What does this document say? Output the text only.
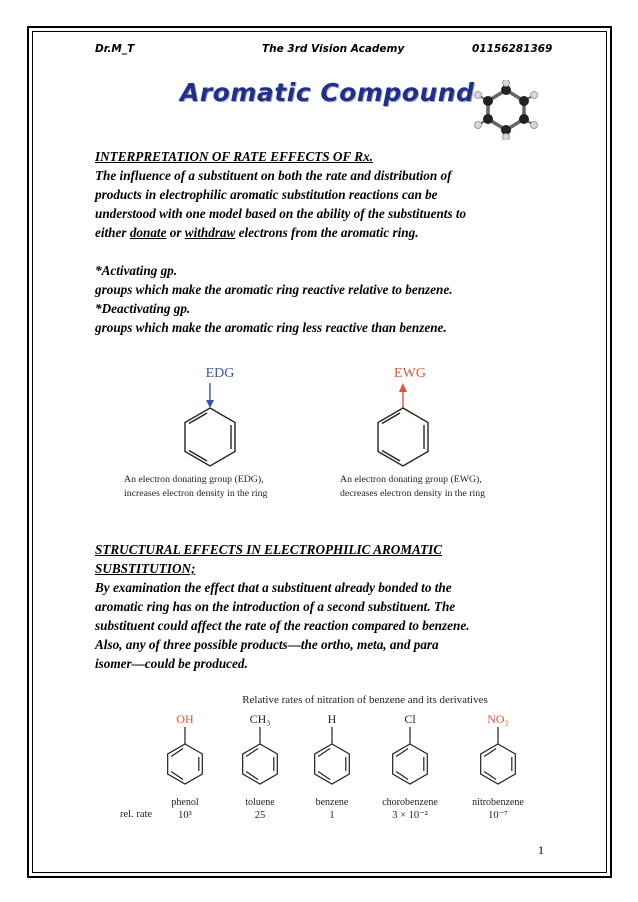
Dr.M_T	The 3rd Vision Academy	01156281369
Aromatic Compound
INTERPRETATION OF RATE EFFECTS OF Rx.
The influence of a substituent on both the rate and distribution of
products in electrophilic aromatic substitution reactions can be
understood with one model based on the ability of the substituents to
either donate or withdraw electrons from the aromatic ring.
*Activating gp.
groups which make the aromatic ring reactive relative to benzene.
*Deactivating gp.
groups which make the aromatic ring less reactive than benzene.
EDG
An electron donating group (EDG),
increases electron density in the ring
EWG
An electron donating group (EWG),
decreases electron density in the ring
STRUCTURAL EFFECTS IN ELECTROPHILIC AROMATIC
SUBSTITUTION;
By examination the effect that a substituent already bonded to the
aromatic ring has on the introduction of a second substituent. The
substituent could affect the rate of the reaction compared to benzene.
Also, any of three possible products—the ortho, meta, and para
isomer—could be produced.
Relative rates of nitration of benzene and its derivatives
rel. rate
OH
phenol
10³
CH₃
toluene
25
H
benzene
1
Cl
chorobenzene
3 × 10⁻²
NO₂
nitrobenzene
10⁻⁷
1
